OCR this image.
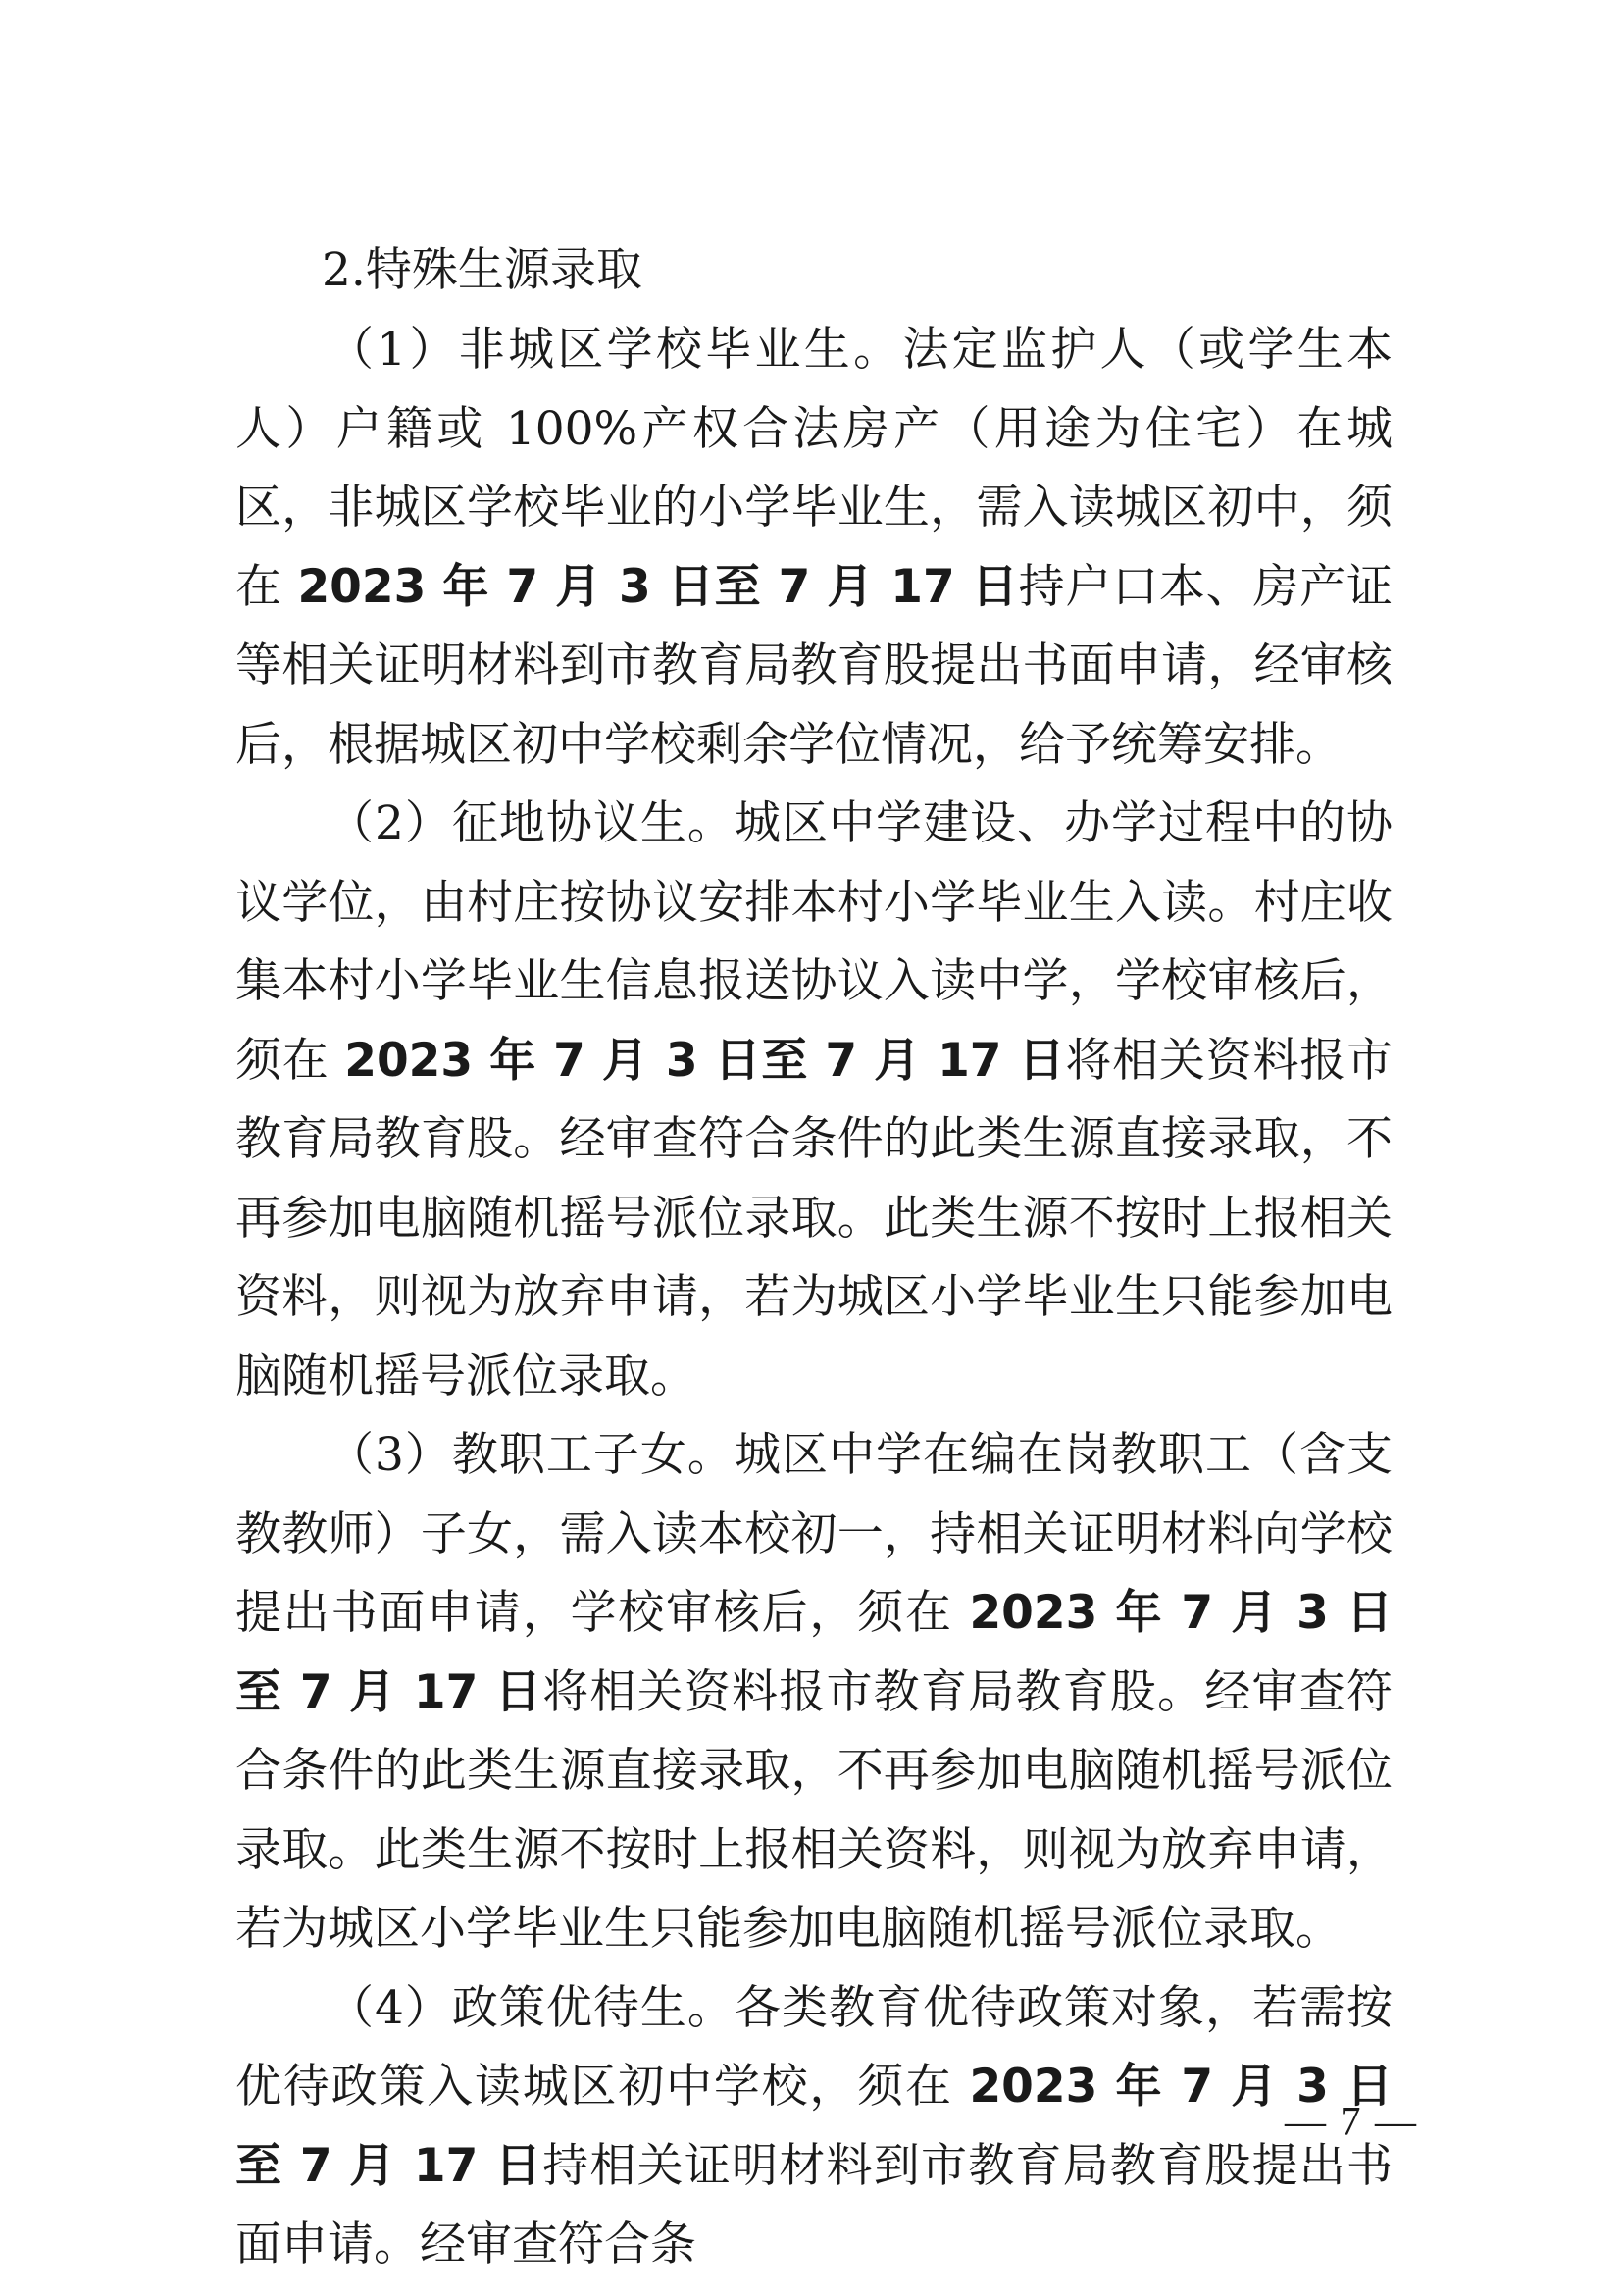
2.特殊生源录取

（1）非城区学校毕业生。法定监护人（或学生本人）户籍或 100%产权合法房产（用途为住宅）在城区，非城区学校毕业的小学毕业生，需入读城区初中，须在 2023 年 7 月 3 日至 7 月 17 日持户口本、房产证等相关证明材料到市教育局教育股提出书面申请，经审核后，根据城区初中学校剩余学位情况，给予统筹安排。

（2）征地协议生。城区中学建设、办学过程中的协议学位，由村庄按协议安排本村小学毕业生入读。村庄收集本村小学毕业生信息报送协议入读中学，学校审核后，须在 2023 年 7 月 3 日至 7 月 17 日将相关资料报市教育局教育股。经审查符合条件的此类生源直接录取，不再参加电脑随机摇号派位录取。此类生源不按时上报相关资料，则视为放弃申请，若为城区小学毕业生只能参加电脑随机摇号派位录取。

（3）教职工子女。城区中学在编在岗教职工（含支教教师）子女，需入读本校初一，持相关证明材料向学校提出书面申请，学校审核后，须在 2023 年 7 月 3 日至 7 月 17 日将相关资料报市教育局教育股。经审查符合条件的此类生源直接录取，不再参加电脑随机摇号派位录取。此类生源不按时上报相关资料，则视为放弃申请，若为城区小学毕业生只能参加电脑随机摇号派位录取。

（4）政策优待生。各类教育优待政策对象，若需按优待政策入读城区初中学校，须在 2023 年 7 月 3 日至 7 月 17 日持相关证明材料到市教育局教育股提出书面申请。经审查符合条

— 7 —
